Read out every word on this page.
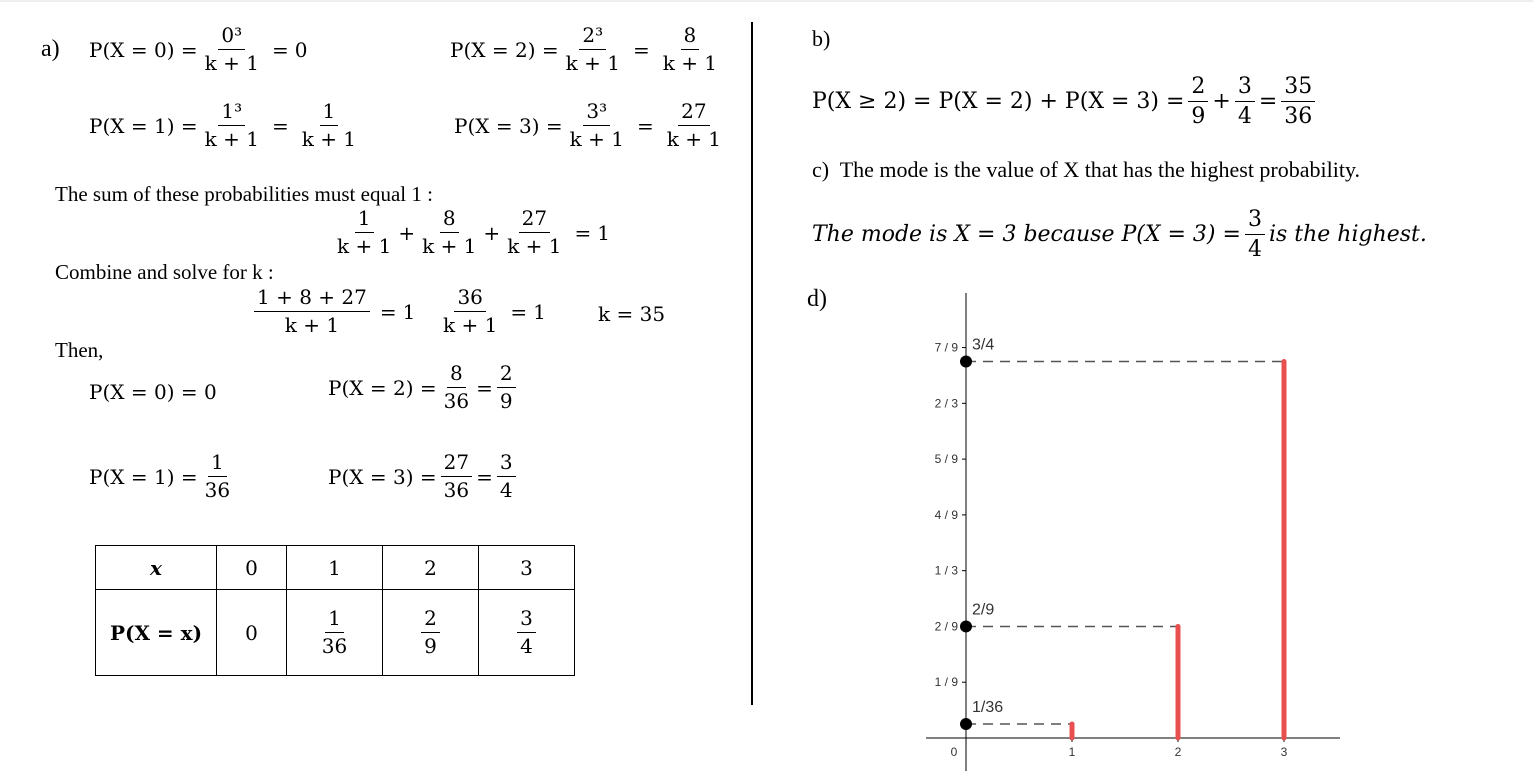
a) $P(X = 0) = \frac{\text{0³}}{k + 1} = 0$	$P(X = 2) = \frac{\text{2³}}{k + 1} = \frac{8}{k + 1}$
$P(X = 1) = \frac{\text{1³}}{k + 1} = \frac{1}{k + 1}$	$P(X = 3) = \frac{\text{3³}}{k + 1} = \frac{27}{k + 1}$
The sum of these probabilities must equal 1 :
$\frac{1}{k + 1} + \frac{8}{k + 1} + \frac{27}{k + 1} = 1$
Combine and solve for k :
$\frac{1 + 8 + 27}{k + 1} = 1 \frac{36}{k + 1} = 1$	k = 35
Then,
P(X = 0) = 0	$P(X = 2) = \frac{8}{36} = \frac{2}{9}$
$P(X = 1) = \frac{1}{36}$	$P(X = 3) = \frac{27}{36} = \frac{3}{4}$
x	0	1	2	3
P(X = x)	0	$\frac{1}{36}$	$\frac{2}{9}$	$\frac{3}{4}$
b)
$P(X \ge 2) = P(X = 2) + P(X = 3) = \frac{2}{9} + \frac{3}{4} = \frac{35}{36}$
c) The mode is the value of X that has the highest probability.
The mode is X = 3 because $P(X = 3) = \frac{3}{4}$ is the highest.
d)
1 / 9
2 / 9
1 / 3
4 / 9
5 / 9
2 / 3
7 / 9
0	1	2	3
1/36
2/9
3/4
